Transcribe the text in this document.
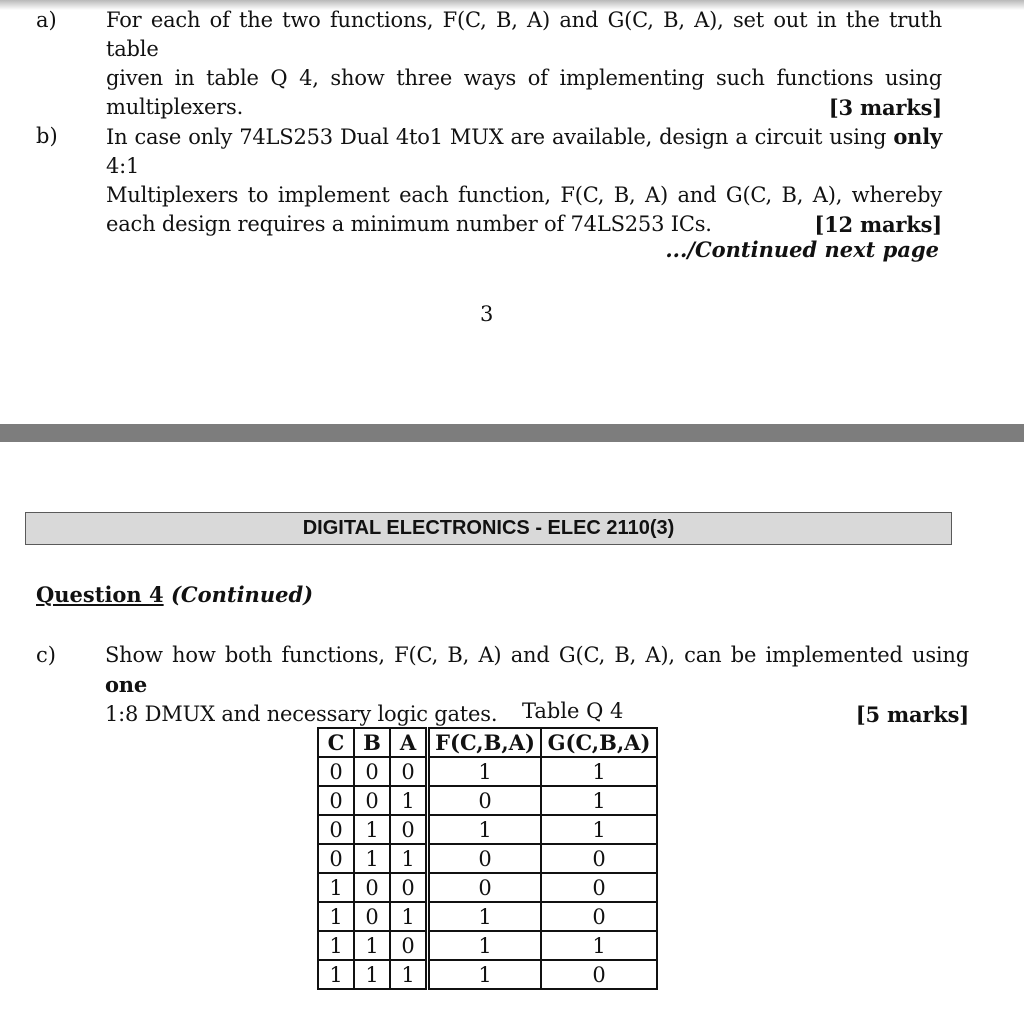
a) For each of the two functions, F(C, B, A) and G(C, B, A), set out in the truth table
given in table Q 4, show three ways of implementing such functions using
multiplexers.	[3 marks]
b) In case only 74LS253 Dual 4to1 MUX are available, design a circuit using only 4:1
Multiplexers to implement each function, F(C, B, A) and G(C, B, A), whereby
each design requires a minimum number of 74LS253 ICs.	[12 marks]
.../Continued next page
3
DIGITAL ELECTRONICS - ELEC 2110(3)
Question 4 (Continued)
c) Show how both functions, F(C, B, A) and G(C, B, A), can be implemented using one
1:8 DMUX and necessary logic gates.	[5 marks]
Table Q 4
C	B	A	F(C,B,A)	G(C,B,A)
0	0	0	1	1
0	0	1	0	1
0	1	0	1	1
0	1	1	0	0
1	0	0	0	0
1	0	1	1	0
1	1	0	1	1
1	1	1	1	0
